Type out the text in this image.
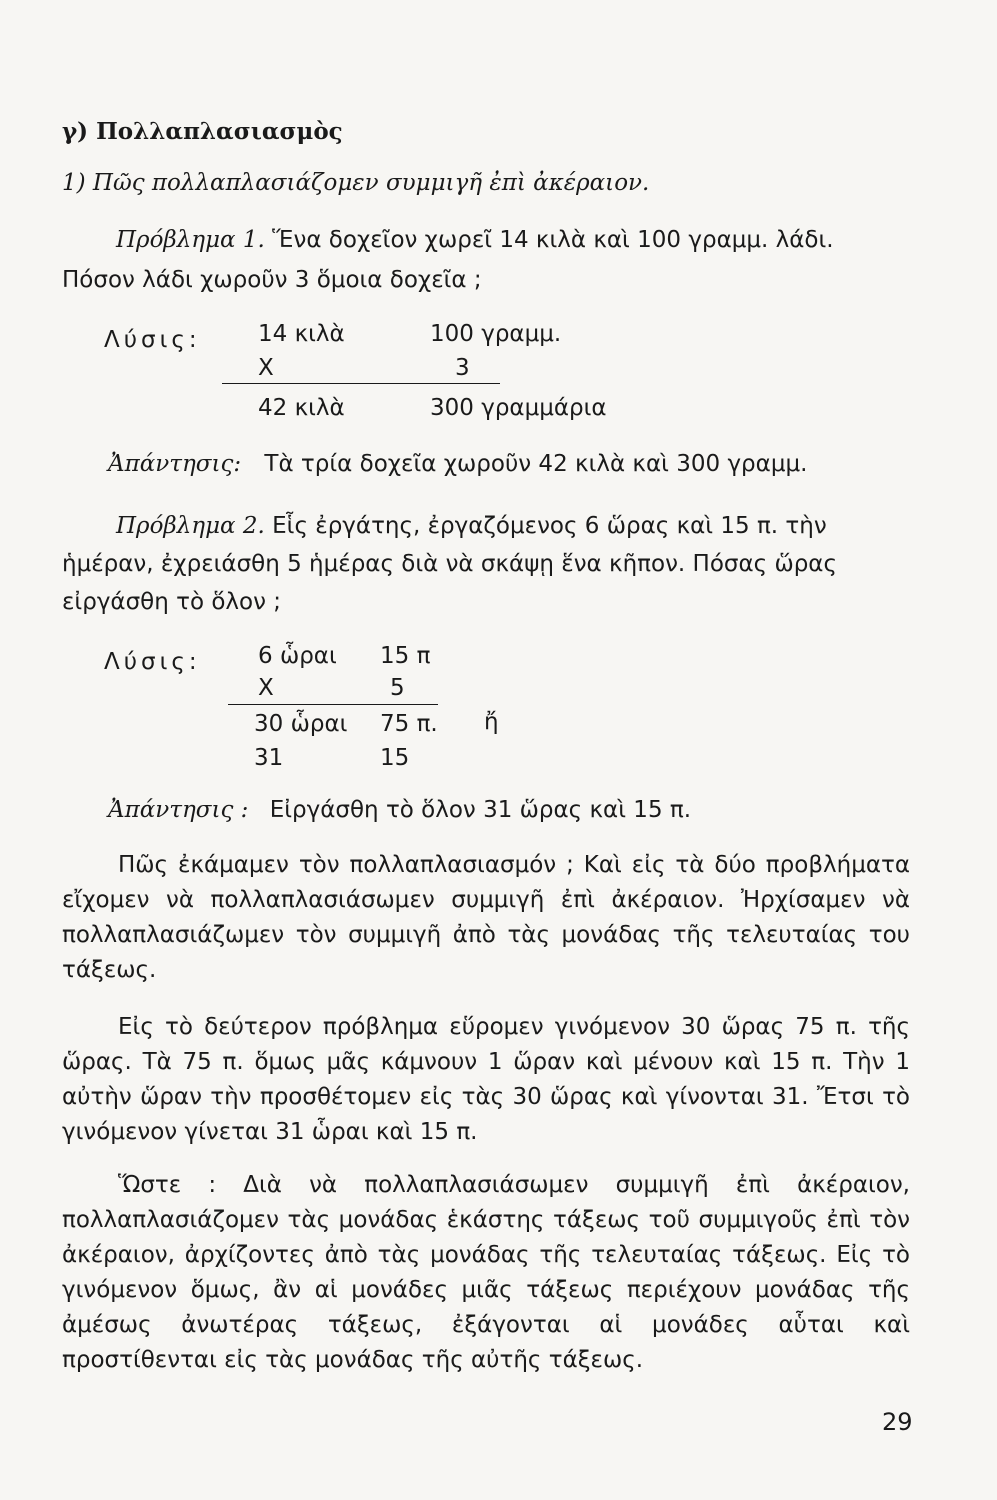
γ) Πολλαπλασιασμὸς
1) Πῶς πολλαπλασιάζομεν συμμιγῆ ἐπὶ ἀκέραιον.
Πρόβλημα 1. Ἕνα δοχεῖον χωρεῖ 14 κιλὰ καὶ 100 γραμμ. λάδι.
Πόσον λάδι χωροῦν 3 ὅμοια δοχεῖα ;
Λύσις: 14 κιλὰ	100 γραμμ.
X	3
42 κιλὰ	300 γραμμάρια
Ἀπάντησις: Τὰ τρία δοχεῖα χωροῦν 42 κιλὰ καὶ 300 γραμμ.
Πρόβλημα 2. Εἷς ἐργάτης, ἐργαζόμενος 6 ὥρας καὶ 15 π. τὴν
ἡμέραν, ἐχρειάσθη 5 ἡμέρας διὰ νὰ σκάψῃ ἕνα κῆπον. Πόσας ὥρας
εἰργάσθη τὸ ὅλον ;
Λύσις: 6 ὧραι 15 π
X	5
30 ὧραι 75 π. ἤ
31	15
Ἀπάντησις : Εἰργάσθη τὸ ὅλον 31 ὥρας καὶ 15 π.

Πῶς ἐκάμαμεν τὸν πολλαπλασιασμόν ; Καὶ εἰς τὰ δύο προβλήματα εἴχομεν νὰ πολλαπλασιάσωμεν συμμιγῆ ἐπὶ ἀκέραιον. Ἠρχίσαμεν νὰ πολλαπλασιάζωμεν τὸν συμμιγῆ ἀπὸ τὰς μονάδας τῆς τελευταίας του τάξεως.

Εἰς τὸ δεύτερον πρόβλημα εὕρομεν γινόμενον 30 ὥρας 75 π. τῆς ὥρας. Τὰ 75 π. ὅμως μᾶς κάμνουν 1 ὥραν καὶ μένουν καὶ 15 π. Τὴν 1 αὐτὴν ὥραν τὴν προσθέτομεν εἰς τὰς 30 ὥρας καὶ γίνονται 31. Ἔτσι τὸ γινόμενον γίνεται 31 ὧραι καὶ 15 π.

Ὥστε : Διὰ νὰ πολλαπλασιάσωμεν συμμιγῆ ἐπὶ ἀκέραιον, πολλαπλασιάζομεν τὰς μονάδας ἑκάστης τάξεως τοῦ συμμιγοῦς ἐπὶ τὸν ἀκέραιον, ἀρχίζοντες ἀπὸ τὰς μονάδας τῆς τελευταίας τάξεως. Εἰς τὸ γινόμενον ὅμως, ἂν αἱ μονάδες μιᾶς τάξεως περιέχουν μονάδας τῆς ἀμέσως ἀνωτέρας τάξεως, ἐξάγονται αἱ μονάδες αὗται καὶ προστίθενται εἰς τὰς μονάδας τῆς αὐτῆς τάξεως.

29
